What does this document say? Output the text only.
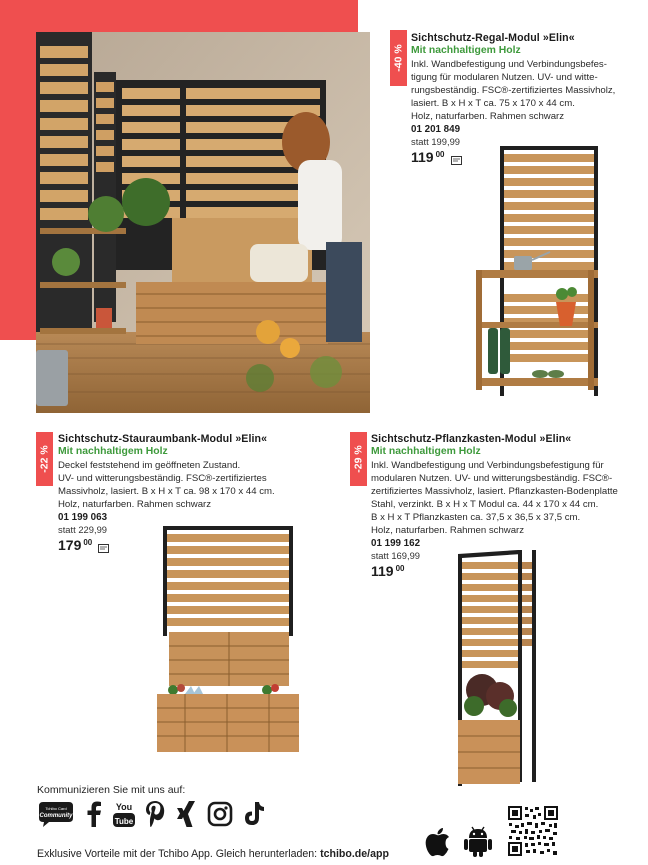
-40 %
Sichtschutz-Regal-Modul »Elin«
Mit nachhaltigem Holz
Inkl. Wandbefestigung und Verbindungsbefes-
tigung für modularen Nutzen. UV- und witte-
rungsbeständig. FSC®-zertifiziertes Massivholz,
lasiert. B x H x T ca. 75 x 170 x 44 cm.
Holz, naturfarben. Rahmen schwarz
01 201 849
statt 199,99
119 00
-22 %
Sichtschutz-Stauraumbank-Modul »Elin«
Mit nachhaltigem Holz
Deckel feststehend im geöffneten Zustand.
UV- und witterungsbeständig. FSC®-zertifiziertes
Massivholz, lasiert. B x H x T ca. 98 x 170 x 44 cm.
Holz, naturfarben. Rahmen schwarz
01 199 063
statt 229,99
179 00
-29 %
Sichtschutz-Pflanzkasten-Modul »Elin«
Mit nachhaltigem Holz
Inkl. Wandbefestigung und Verbindungsbefestigung für
modularen Nutzen. UV- und witterungsbeständig. FSC®-
zertifiziertes Massivholz, lasiert. Pflanzkasten-Bodenplatte
Stahl, verzinkt. B x H x T Modul ca. 44 x 170 x 44 cm.
B x H x T Pflanzkasten ca. 37,5 x 36,5 x 37,5 cm.
Holz, naturfarben. Rahmen schwarz
01 199 162
statt 169,99
119 00
Kommunizieren Sie mit uns auf:
Tchibo Card
Community
You
Tube
Exklusive Vorteile mit der Tchibo App. Gleich herunterladen: tchibo.de/app
